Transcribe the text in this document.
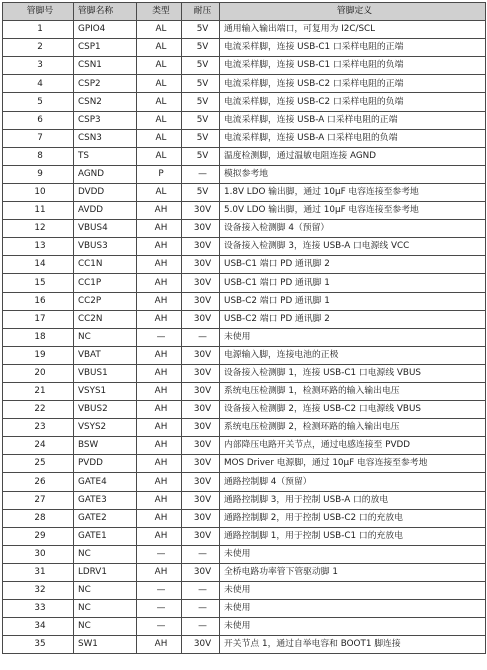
管脚号	管脚名称	类型	耐压	管脚定义
1	GPIO4	AL	5V	通用输入输出端口，可复用为 I2C/SCL
2	CSP1	AL	5V	电流采样脚，连接 USB-C1 口采样电阻的正端
3	CSN1	AL	5V	电流采样脚，连接 USB-C1 口采样电阻的负端
4	CSP2	AL	5V	电流采样脚，连接 USB-C2 口采样电阻的正端
5	CSN2	AL	5V	电流采样脚，连接 USB-C2 口采样电阻的负端
6	CSP3	AL	5V	电流采样脚，连接 USB-A 口采样电阻的正端
7	CSN3	AL	5V	电流采样脚，连接 USB-A 口采样电阻的负端
8	TS	AL	5V	温度检测脚，通过温敏电阻连接 AGND
9	AGND	P	—	模拟参考地
10	DVDD	AL	5V	1.8V LDO 输出脚，通过 10μF 电容连接至参考地
11	AVDD	AH	30V	5.0V LDO 输出脚，通过 10μF 电容连接至参考地
12	VBUS4	AH	30V	设备接入检测脚 4（预留）
13	VBUS3	AH	30V	设备接入检测脚 3，连接 USB-A 口电源线 VCC
14	CC1N	AH	30V	USB-C1 端口 PD 通讯脚 2
15	CC1P	AH	30V	USB-C1 端口 PD 通讯脚 1
16	CC2P	AH	30V	USB-C2 端口 PD 通讯脚 1
17	CC2N	AH	30V	USB-C2 端口 PD 通讯脚 2
18	NC	—	—	未使用
19	VBAT	AH	30V	电源输入脚，连接电池的正极
20	VBUS1	AH	30V	设备接入检测脚 1，连接 USB-C1 口电源线 VBUS
21	VSYS1	AH	30V	系统电压检测脚 1，检测环路的输入输出电压
22	VBUS2	AH	30V	设备接入检测脚 2，连接 USB-C2 口电源线 VBUS
23	VSYS2	AH	30V	系统电压检测脚 2，检测环路的输入输出电压
24	BSW	AH	30V	内部降压电路开关节点，通过电感连接至 PVDD
25	PVDD	AH	30V	MOS Driver 电源脚，通过 10μF 电容连接至参考地
26	GATE4	AH	30V	通路控制脚 4（预留）
27	GATE3	AH	30V	通路控制脚 3，用于控制 USB-A 口的放电
28	GATE2	AH	30V	通路控制脚 2，用于控制 USB-C2 口的充放电
29	GATE1	AH	30V	通路控制脚 1，用于控制 USB-C1 口的充放电
30	NC	—	—	未使用
31	LDRV1	AH	30V	全桥电路功率管下管驱动脚 1
32	NC	—	—	未使用
33	NC	—	—	未使用
34	NC	—	—	未使用
35	SW1	AH	30V	开关节点 1，通过自举电容和 BOOT1 脚连接
